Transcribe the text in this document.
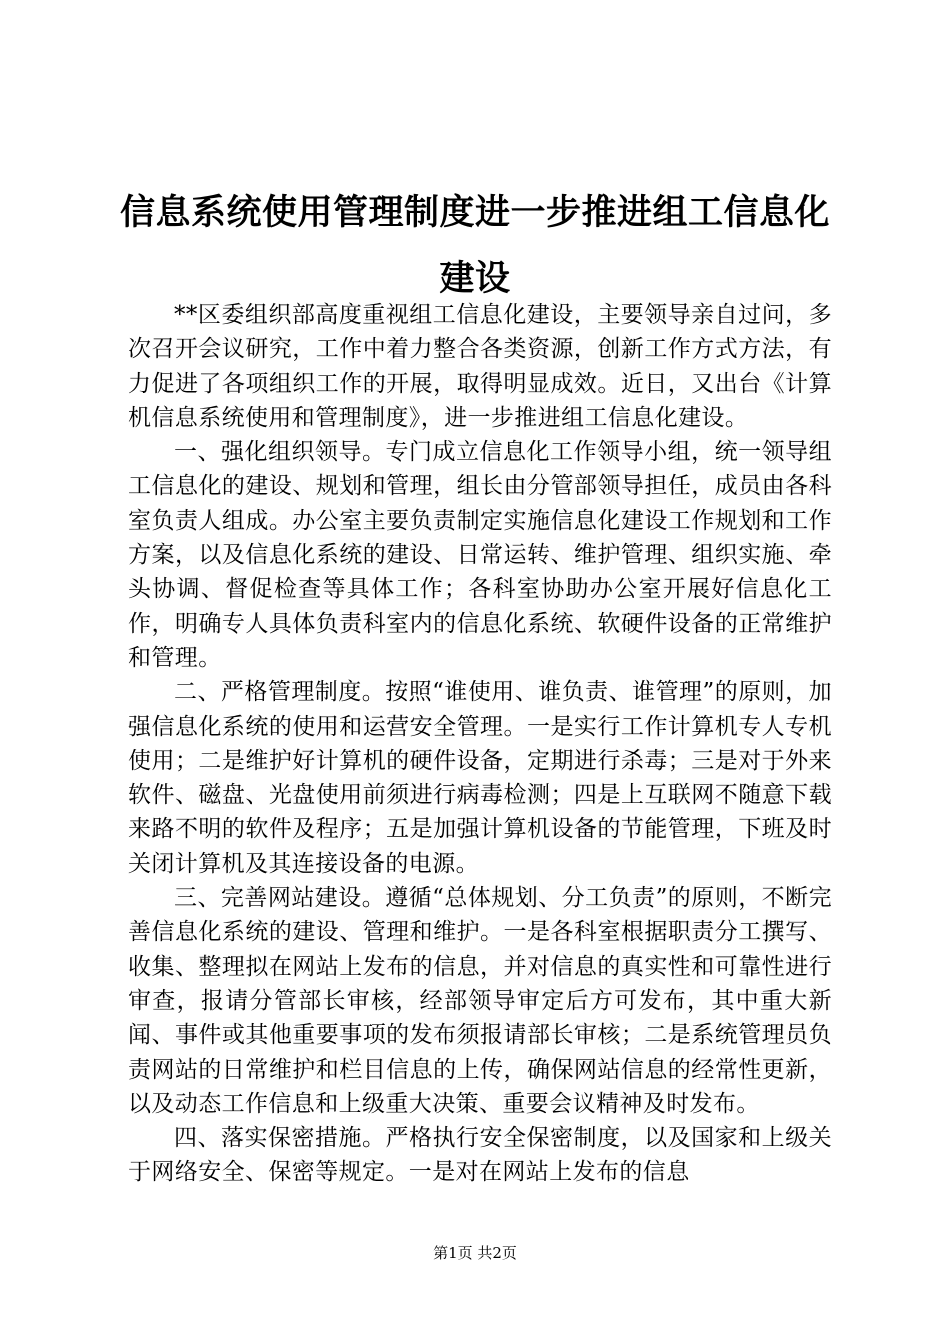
信息系统使用管理制度进一步推进组工信息化建设

**区委组织部高度重视组工信息化建设，主要领导亲自过问，多次召开会议研究，工作中着力整合各类资源，创新工作方式方法，有力促进了各项组织工作的开展，取得明显成效。近日，又出台《计算机信息系统使用和管理制度》，进一步推进组工信息化建设。

一、强化组织领导。专门成立信息化工作领导小组，统一领导组工信息化的建设、规划和管理，组长由分管部领导担任，成员由各科室负责人组成。办公室主要负责制定实施信息化建设工作规划和工作方案，以及信息化系统的建设、日常运转、维护管理、组织实施、牵头协调、督促检查等具体工作；各科室协助办公室开展好信息化工作，明确专人具体负责科室内的信息化系统、软硬件设备的正常维护和管理。

二、严格管理制度。按照“谁使用、谁负责、谁管理”的原则，加强信息化系统的使用和运营安全管理。一是实行工作计算机专人专机使用；二是维护好计算机的硬件设备，定期进行杀毒；三是对于外来软件、磁盘、光盘使用前须进行病毒检测；四是上互联网不随意下载来路不明的软件及程序；五是加强计算机设备的节能管理，下班及时关闭计算机及其连接设备的电源。

三、完善网站建设。遵循“总体规划、分工负责”的原则，不断完善信息化系统的建设、管理和维护。一是各科室根据职责分工撰写、收集、整理拟在网站上发布的信息，并对信息的真实性和可靠性进行审查，报请分管部长审核，经部领导审定后方可发布，其中重大新闻、事件或其他重要事项的发布须报请部长审核；二是系统管理员负责网站的日常维护和栏目信息的上传，确保网站信息的经常性更新，以及动态工作信息和上级重大决策、重要会议精神及时发布。

四、落实保密措施。严格执行安全保密制度，以及国家和上级关于网络安全、保密等规定。一是对在网站上发布的信息

第1页 共2页
